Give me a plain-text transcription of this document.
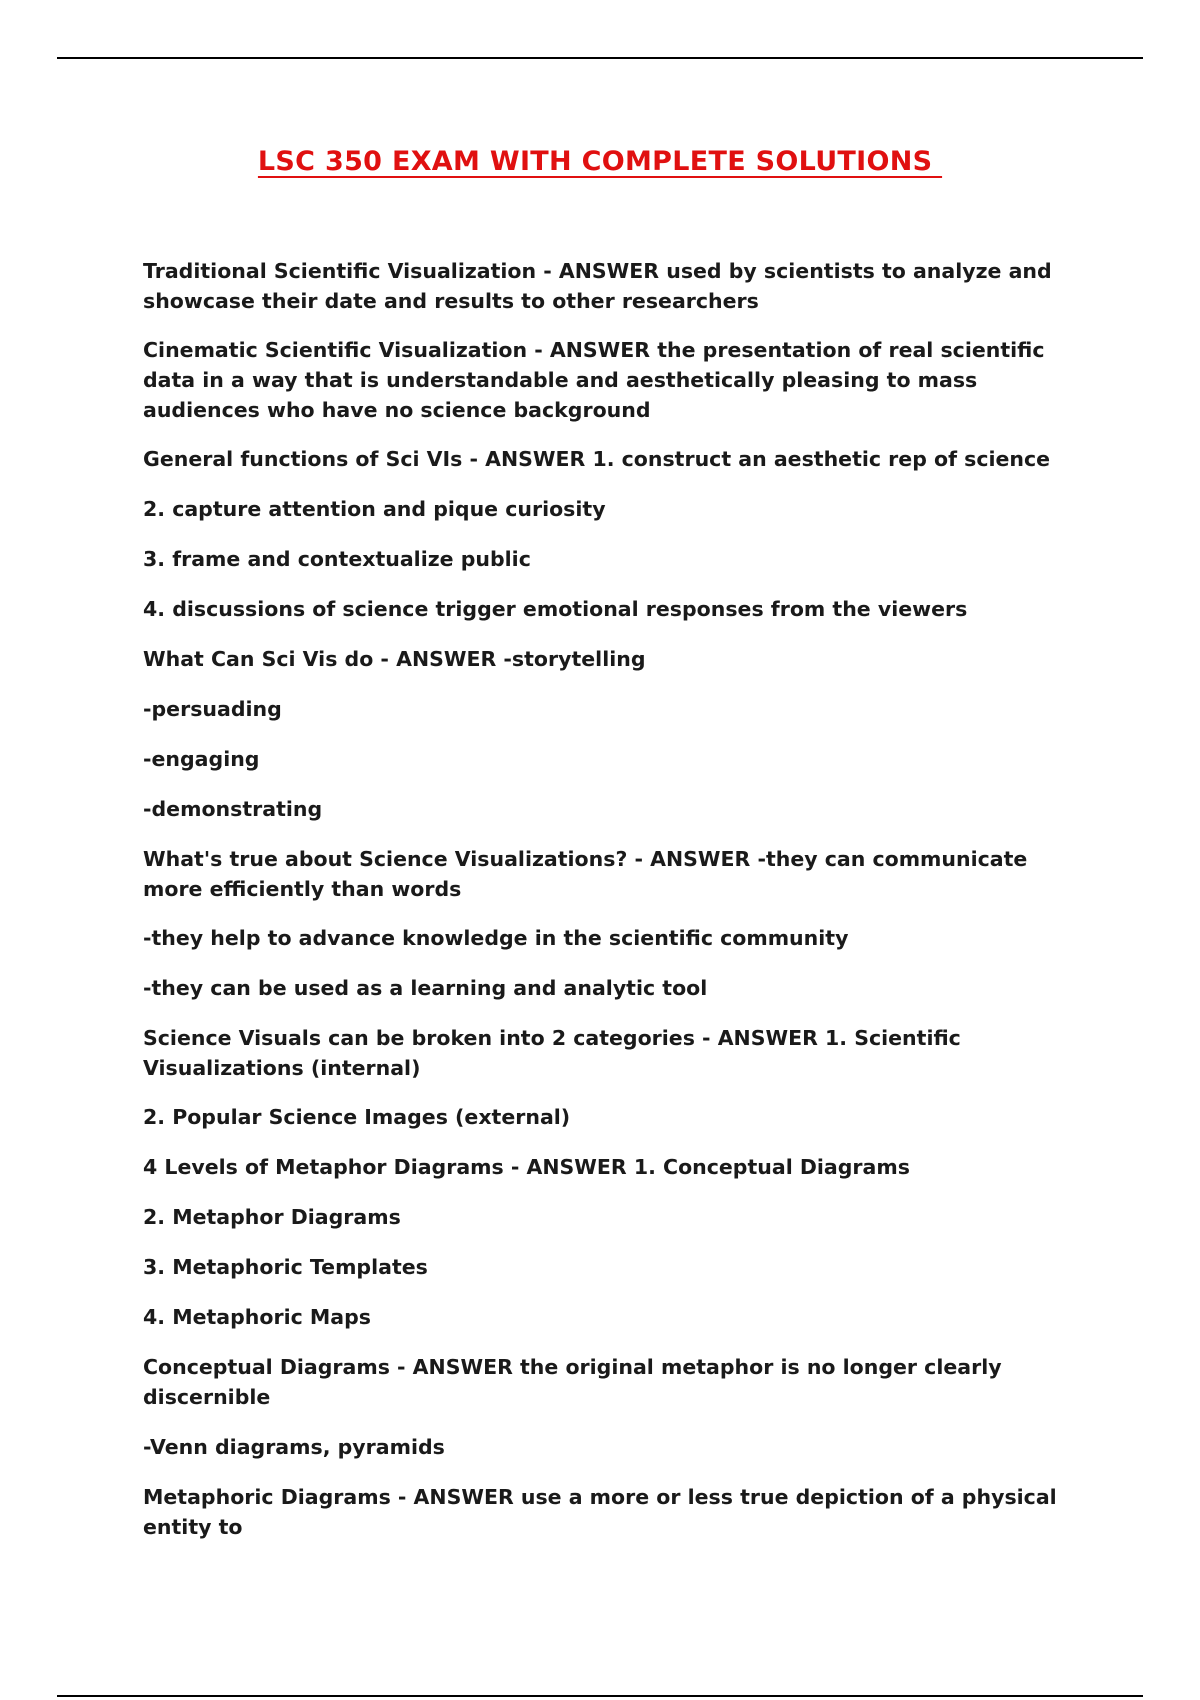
LSC 350 EXAM WITH COMPLETE SOLUTIONS

Traditional Scientific Visualization - ANSWER used by scientists to analyze and showcase their date and results to other researchers

Cinematic Scientific Visualization - ANSWER the presentation of real scientific data in a way that is understandable and aesthetically pleasing to mass audiences who have no science background

General functions of Sci VIs - ANSWER 1. construct an aesthetic rep of science

2. capture attention and pique curiosity

3. frame and contextualize public

4. discussions of science trigger emotional responses from the viewers

What Can Sci Vis do - ANSWER -storytelling

-persuading

-engaging

-demonstrating

What's true about Science Visualizations? - ANSWER -they can communicate more efficiently than words

-they help to advance knowledge in the scientific community

-they can be used as a learning and analytic tool

Science Visuals can be broken into 2 categories - ANSWER 1. Scientific Visualizations (internal)

2. Popular Science Images (external)

4 Levels of Metaphor Diagrams - ANSWER 1. Conceptual Diagrams

2. Metaphor Diagrams

3. Metaphoric Templates

4. Metaphoric Maps

Conceptual Diagrams - ANSWER the original metaphor is no longer clearly discernible

-Venn diagrams, pyramids

Metaphoric Diagrams - ANSWER use a more or less true depiction of a physical entity to
